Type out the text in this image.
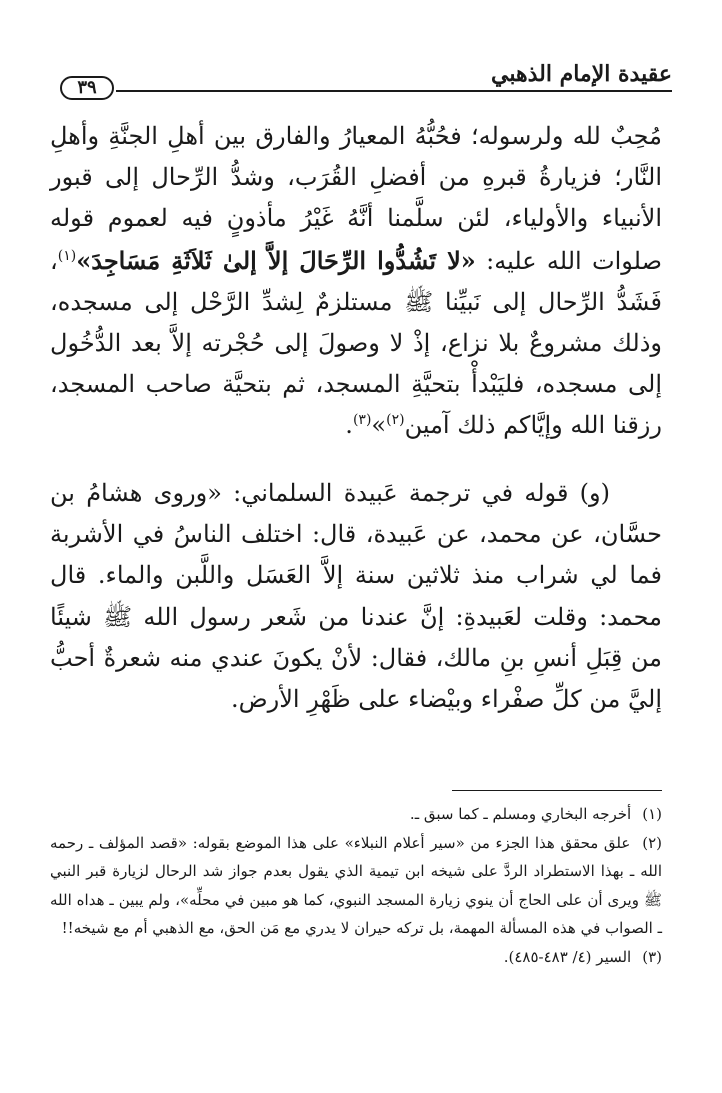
عقيدة الإمام الذهبي
٣٩

مُحِبٌ لله ولرسوله؛ فحُبُّهُ المعيارُ والفارق بين أهلِ الجنَّةِ وأهلِ النَّار؛ فزيارةُ قبرهِ من أفضلِ القُرَب، وشدُّ الرِّحال إلى قبور الأنبياء والأولياء، لئن سلَّمنا أنَّهُ غَيْرُ مأذونٍ فيه لعموم قوله صلوات الله عليه: «لا تَشُدُّوا الرِّحَالَ إلاَّ إلىٰ ثَلاَثَةِ مَسَاجِدَ»$^{(١)}$، فَشَدُّ الرِّحال إلى نَبيِّنا ﷺ مستلزمٌ لِشدِّ الرَّحْل إلى مسجده، وذلك مشروعٌ بلا نزاع، إذْ لا وصولَ إلى حُجْرته إلاَّ بعد الدُّخُول إلى مسجده، فليَبْدأْ بتحيَّةِ المسجد، ثم بتحيَّة صاحب المسجد، رزقنا الله وإيَّاكم ذلك آمين$^{(٢)}$»$^{(٣)}$.

(و) قوله في ترجمة عَبيدة السلماني: «وروى هشامُ بن حسَّان، عن محمد، عن عَبيدة، قال: اختلف الناسُ في الأشربة فما لي شراب منذ ثلاثين سنة إلاَّ العَسَل واللَّبن والماء. قال محمد: وقلت لعَبيدةِ: إنَّ عندنا من شَعر رسول الله ﷺ شيئًا من قِبَلِ أنسِ بنِ مالك، فقال: لأنْ يكونَ عندي منه شعرةٌ أحبُّ إليَّ من كلِّ صفْراء وبيْضاء على ظَهْرِ الأرض.

(١) أخرجه البخاري ومسلم ـ كما سبق ـ.

(٢) علق محقق هذا الجزء من «سير أعلام النبلاء» على هذا الموضع بقوله: «قصد المؤلف ـ رحمه الله ـ بهذا الاستطراد الردَّ على شيخه ابن تيمية الذي يقول بعدم جواز شد الرحال لزيارة قبر النبي ﷺ ويرى أن على الحاج أن ينوي زيارة المسجد النبوي، كما هو مبين في محلِّه»، ولم يبين ـ هداه الله ـ الصواب في هذه المسألة المهمة، بل تركه حيران لا يدري مع مَن الحق، مع الذهبي أم مع شيخه!!

(٣) السير (٤/ ٤٨٣-٤٨٥).
